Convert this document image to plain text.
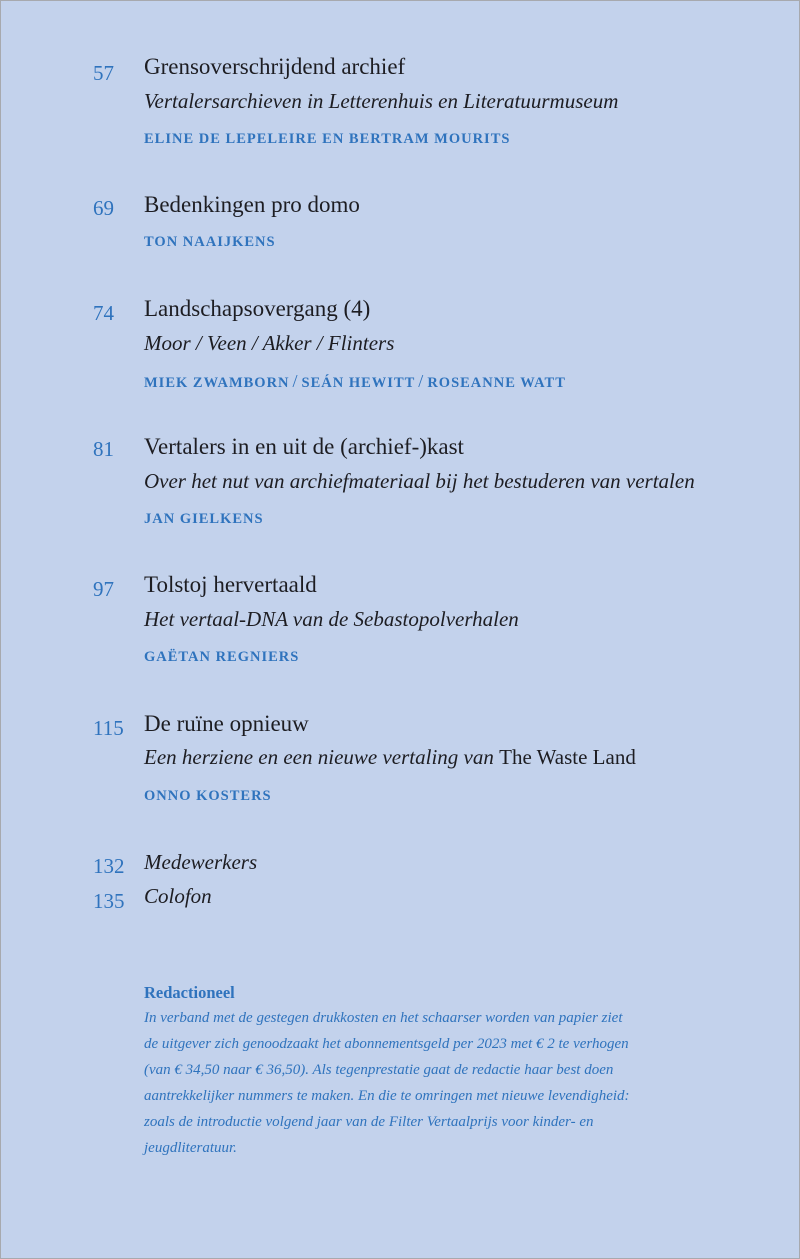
57	Grensoverschrijdend archief
Vertalersarchieven in Letterenhuis en Literatuurmuseum
ELINE DE LEPELEIRE EN BERTRAM MOURITS
69	Bedenkingen pro domo
TON NAAIJKENS
74	Landschapsovergang (4)
Moor / Veen / Akker / Flinters
MIEK ZWAMBORN / SEÁN HEWITT / ROSEANNE WATT
81	Vertalers in en uit de (archief-)kast
Over het nut van archiefmateriaal bij het bestuderen van vertalen
JAN GIELKENS
97	Tolstoj hervertaald
Het vertaal-DNA van de Sebastopolverhalen
GAËTAN REGNIERS
115 De ruïne opnieuw
Een herziene en een nieuwe vertaling van The Waste Land
ONNO KOSTERS
132 Medewerkers
135 Colofon
Redactioneel
In verband met de gestegen drukkosten en het schaarser worden van papier ziet
de uitgever zich genoodzaakt het abonnementsgeld per 2023 met € 2 te verhogen
(van € 34,50 naar € 36,50). Als tegenprestatie gaat de redactie haar best doen
aantrekkelijker nummers te maken. En die te omringen met nieuwe levendigheid:
zoals de introductie volgend jaar van de Filter Vertaalprijs voor kinder- en
jeugdliteratuur.
